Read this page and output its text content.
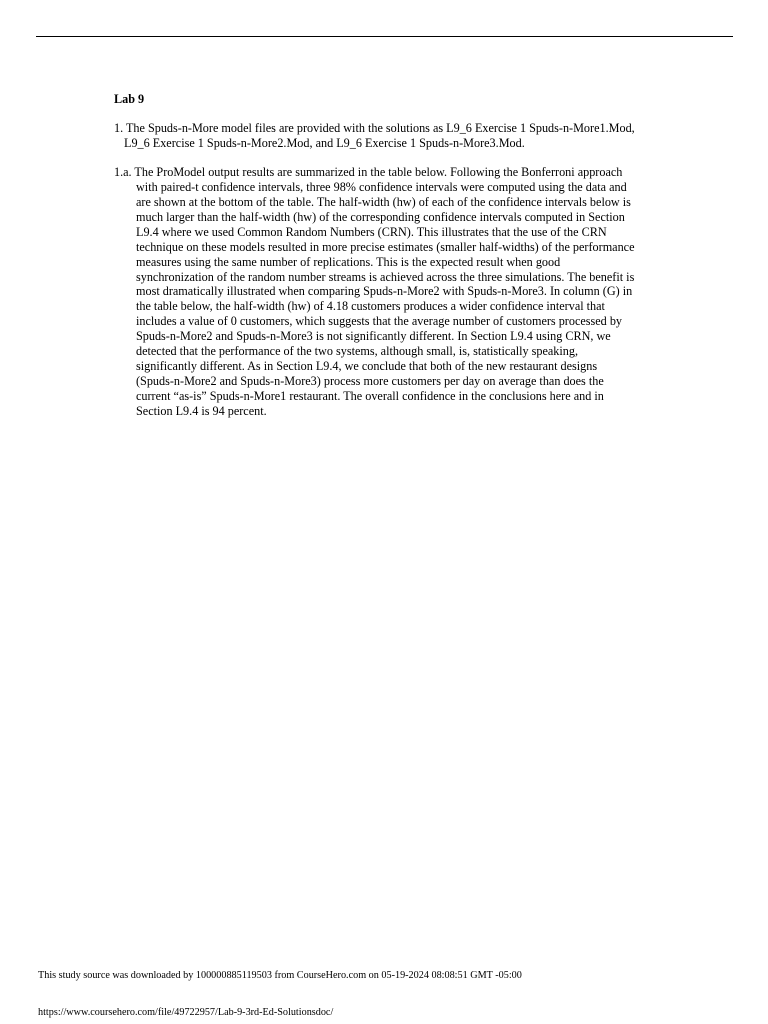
Lab 9
1. The Spuds-n-More model files are provided with the solutions as L9_6 Exercise 1 Spuds-n-More1.Mod,
L9_6 Exercise 1 Spuds-n-More2.Mod, and L9_6 Exercise 1 Spuds-n-More3.Mod.
1.a. The ProModel output results are summarized in the table below. Following the Bonferroni approach
with paired-t confidence intervals, three 98% confidence intervals were computed using the data and
are shown at the bottom of the table. The half-width (hw) of each of the confidence intervals below is
much larger than the half-width (hw) of the corresponding confidence intervals computed in Section
L9.4 where we used Common Random Numbers (CRN). This illustrates that the use of the CRN
technique on these models resulted in more precise estimates (smaller half-widths) of the performance
measures using the same number of replications. This is the expected result when good
synchronization of the random number streams is achieved across the three simulations. The benefit is
most dramatically illustrated when comparing Spuds-n-More2 with Spuds-n-More3. In column (G) in
the table below, the half-width (hw) of 4.18 customers produces a wider confidence interval that
includes a value of 0 customers, which suggests that the average number of customers processed by
Spuds-n-More2 and Spuds-n-More3 is not significantly different. In Section L9.4 using CRN, we
detected that the performance of the two systems, although small, is, statistically speaking,
significantly different. As in Section L9.4, we conclude that both of the new restaurant designs
(Spuds-n-More2 and Spuds-n-More3) process more customers per day on average than does the
current “as-is” Spuds-n-More1 restaurant. The overall confidence in the conclusions here and in
Section L9.4 is 94 percent.
This study source was downloaded by 100000885119503 from CourseHero.com on 05-19-2024 08:08:51 GMT -05:00
https://www.coursehero.com/file/49722957/Lab-9-3rd-Ed-Solutionsdoc/
